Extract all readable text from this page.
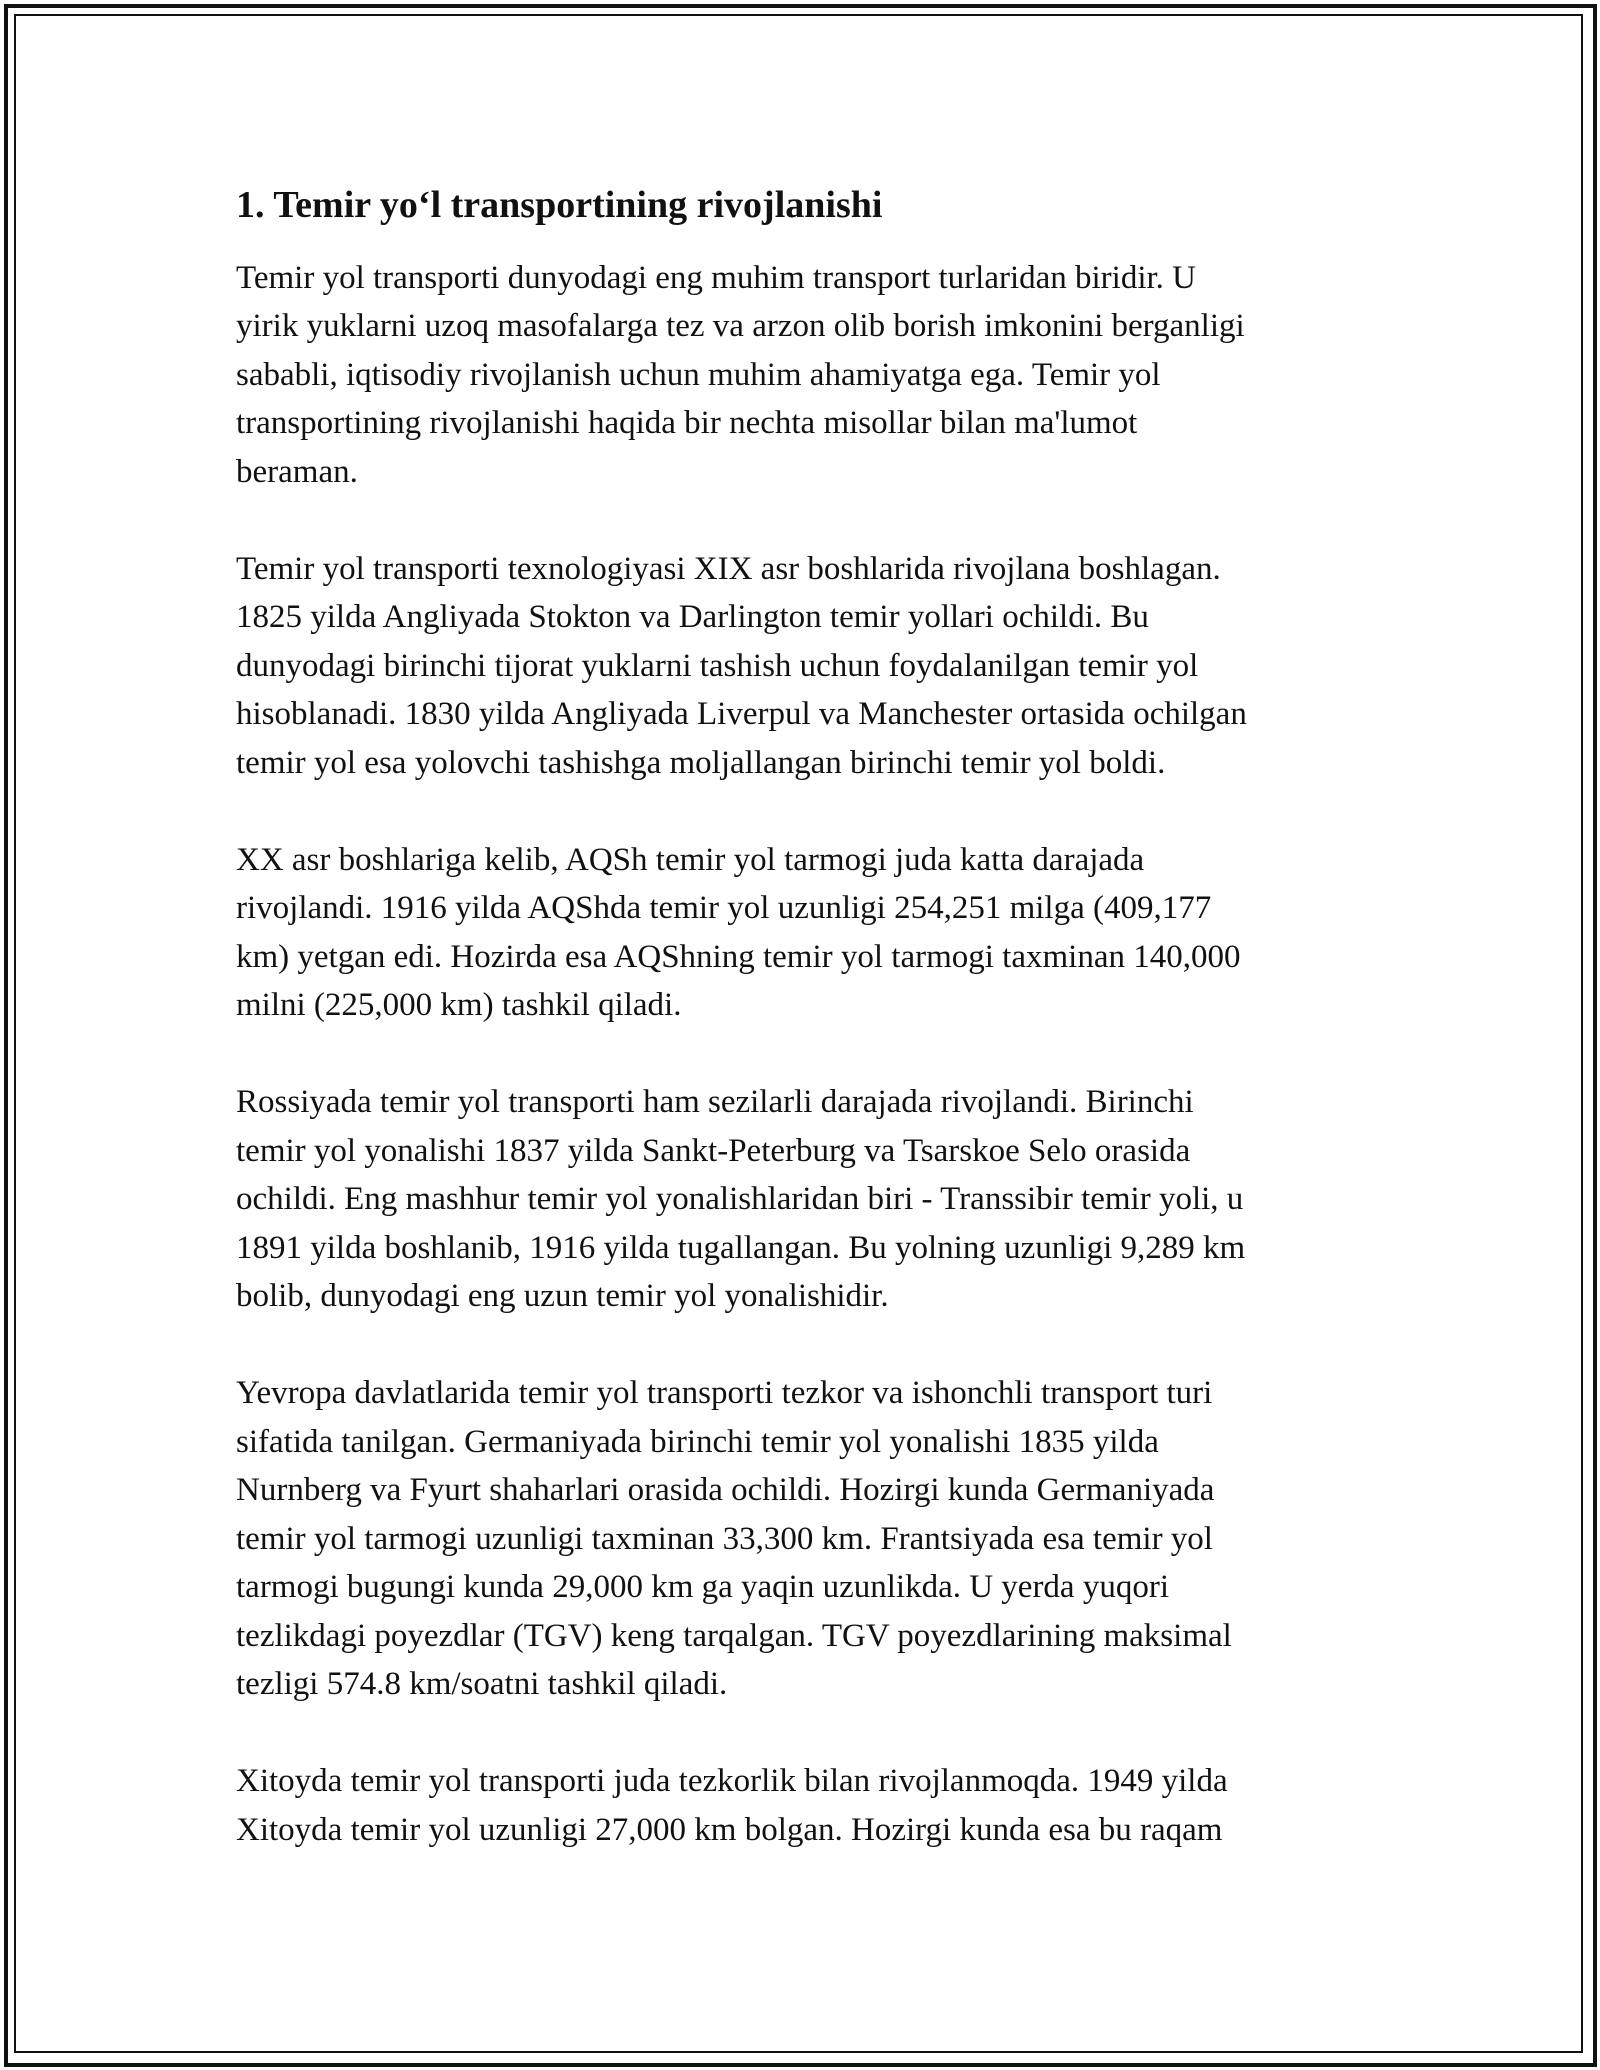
1. Temir yo‘l transportining rivojlanishi
Temir yol transporti dunyodagi eng muhim transport turlaridan biridir. U
yirik yuklarni uzoq masofalarga tez va arzon olib borish imkonini berganligi
sababli, iqtisodiy rivojlanish uchun muhim ahamiyatga ega. Temir yol
transportining rivojlanishi haqida bir nechta misollar bilan ma'lumot
beraman.
Temir yol transporti texnologiyasi XIX asr boshlarida rivojlana boshlagan.
1825 yilda Angliyada Stokton va Darlington temir yollari ochildi. Bu
dunyodagi birinchi tijorat yuklarni tashish uchun foydalanilgan temir yol
hisoblanadi. 1830 yilda Angliyada Liverpul va Manchester ortasida ochilgan
temir yol esa yolovchi tashishga moljallangan birinchi temir yol boldi.
XX asr boshlariga kelib, AQSh temir yol tarmogi juda katta darajada
rivojlandi. 1916 yilda AQShda temir yol uzunligi 254,251 milga (409,177
km) yetgan edi. Hozirda esa AQShning temir yol tarmogi taxminan 140,000
milni (225,000 km) tashkil qiladi.
Rossiyada temir yol transporti ham sezilarli darajada rivojlandi. Birinchi
temir yol yonalishi 1837 yilda Sankt-Peterburg va Tsarskoe Selo orasida
ochildi. Eng mashhur temir yol yonalishlaridan biri - Transsibir temir yoli, u
1891 yilda boshlanib, 1916 yilda tugallangan. Bu yolning uzunligi 9,289 km
bolib, dunyodagi eng uzun temir yol yonalishidir.
Yevropa davlatlarida temir yol transporti tezkor va ishonchli transport turi
sifatida tanilgan. Germaniyada birinchi temir yol yonalishi 1835 yilda
Nurnberg va Fyurt shaharlari orasida ochildi. Hozirgi kunda Germaniyada
temir yol tarmogi uzunligi taxminan 33,300 km. Frantsiyada esa temir yol
tarmogi bugungi kunda 29,000 km ga yaqin uzunlikda. U yerda yuqori
tezlikdagi poyezdlar (TGV) keng tarqalgan. TGV poyezdlarining maksimal
tezligi 574.8 km/soatni tashkil qiladi.
Xitoyda temir yol transporti juda tezkorlik bilan rivojlanmoqda. 1949 yilda
Xitoyda temir yol uzunligi 27,000 km bolgan. Hozirgi kunda esa bu raqam
